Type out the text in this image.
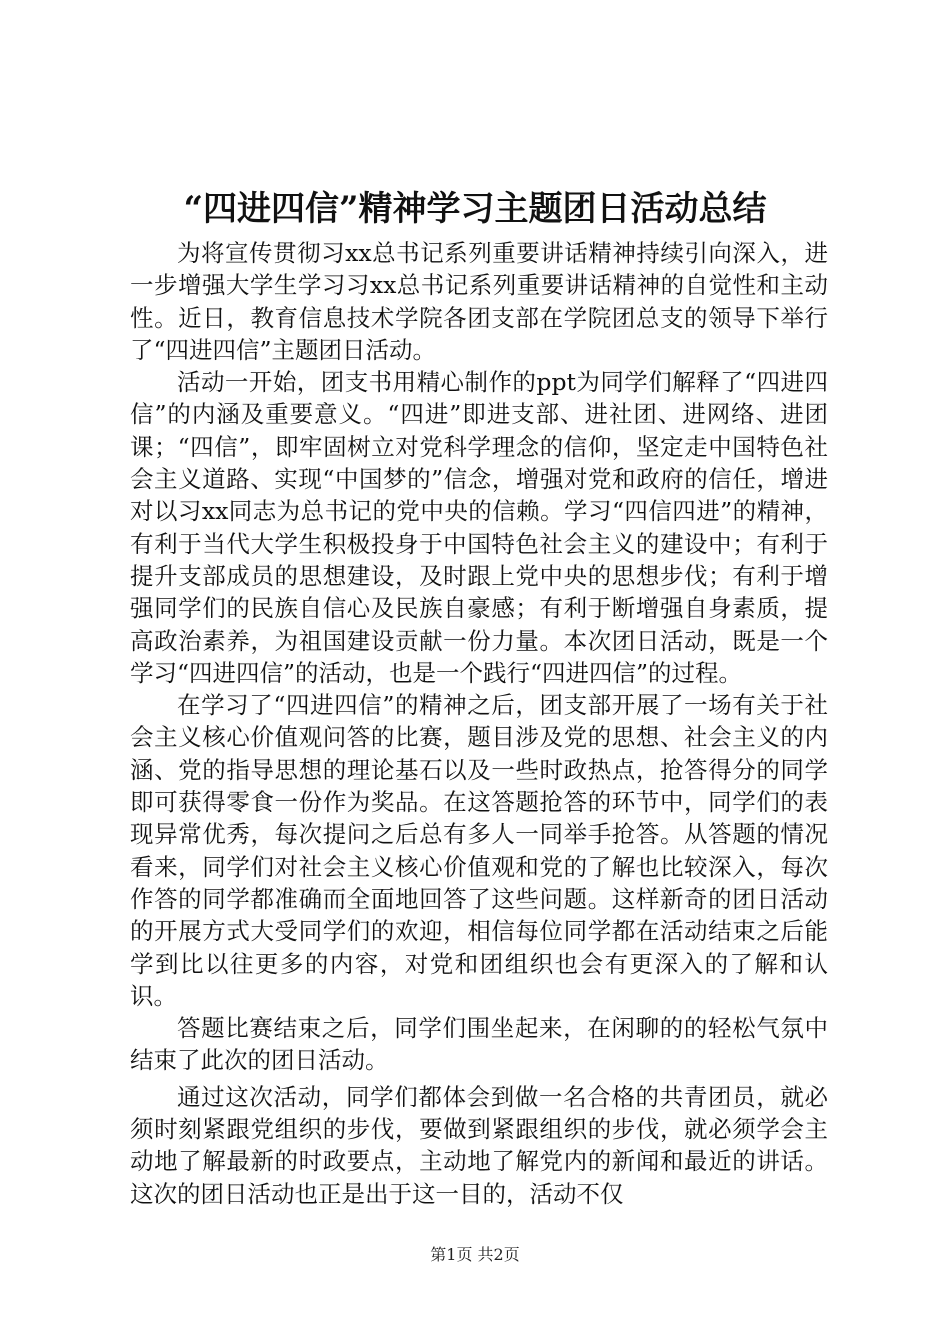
“四进四信”精神学习主题团日活动总结

为将宣传贯彻习xx总书记系列重要讲话精神持续引向深入，进一步增强大学生学习习xx总书记系列重要讲话精神的自觉性和主动性。近日，教育信息技术学院各团支部在学院团总支的领导下举行了“四进四信”主题团日活动。

活动一开始，团支书用精心制作的ppt为同学们解释了“四进四信”的内涵及重要意义。“四进”即进支部、进社团、进网络、进团课；“四信”，即牢固树立对党科学理念的信仰，坚定走中国特色社会主义道路、实现“中国梦的”信念，增强对党和政府的信任，增进对以习xx同志为总书记的党中央的信赖。学习“四信四进”的精神，有利于当代大学生积极投身于中国特色社会主义的建设中；有利于提升支部成员的思想建设，及时跟上党中央的思想步伐；有利于增强同学们的民族自信心及民族自豪感；有利于断增强自身素质，提高政治素养，为祖国建设贡献一份力量。本次团日活动，既是一个学习“四进四信”的活动，也是一个践行“四进四信”的过程。

在学习了“四进四信”的精神之后，团支部开展了一场有关于社会主义核心价值观问答的比赛，题目涉及党的思想、社会主义的内涵、党的指导思想的理论基石以及一些时政热点，抢答得分的同学即可获得零食一份作为奖品。在这答题抢答的环节中，同学们的表现异常优秀，每次提问之后总有多人一同举手抢答。从答题的情况看来，同学们对社会主义核心价值观和党的了解也比较深入，每次作答的同学都准确而全面地回答了这些问题。这样新奇的团日活动的开展方式大受同学们的欢迎，相信每位同学都在活动结束之后能学到比以往更多的内容，对党和团组织也会有更深入的了解和认识。

答题比赛结束之后，同学们围坐起来，在闲聊的的轻松气氛中结束了此次的团日活动。

通过这次活动，同学们都体会到做一名合格的共青团员，就必须时刻紧跟党组织的步伐，要做到紧跟组织的步伐，就必须学会主动地了解最新的时政要点，主动地了解党内的新闻和最近的讲话。这次的团日活动也正是出于这一目的，活动不仅

第1页 共2页
